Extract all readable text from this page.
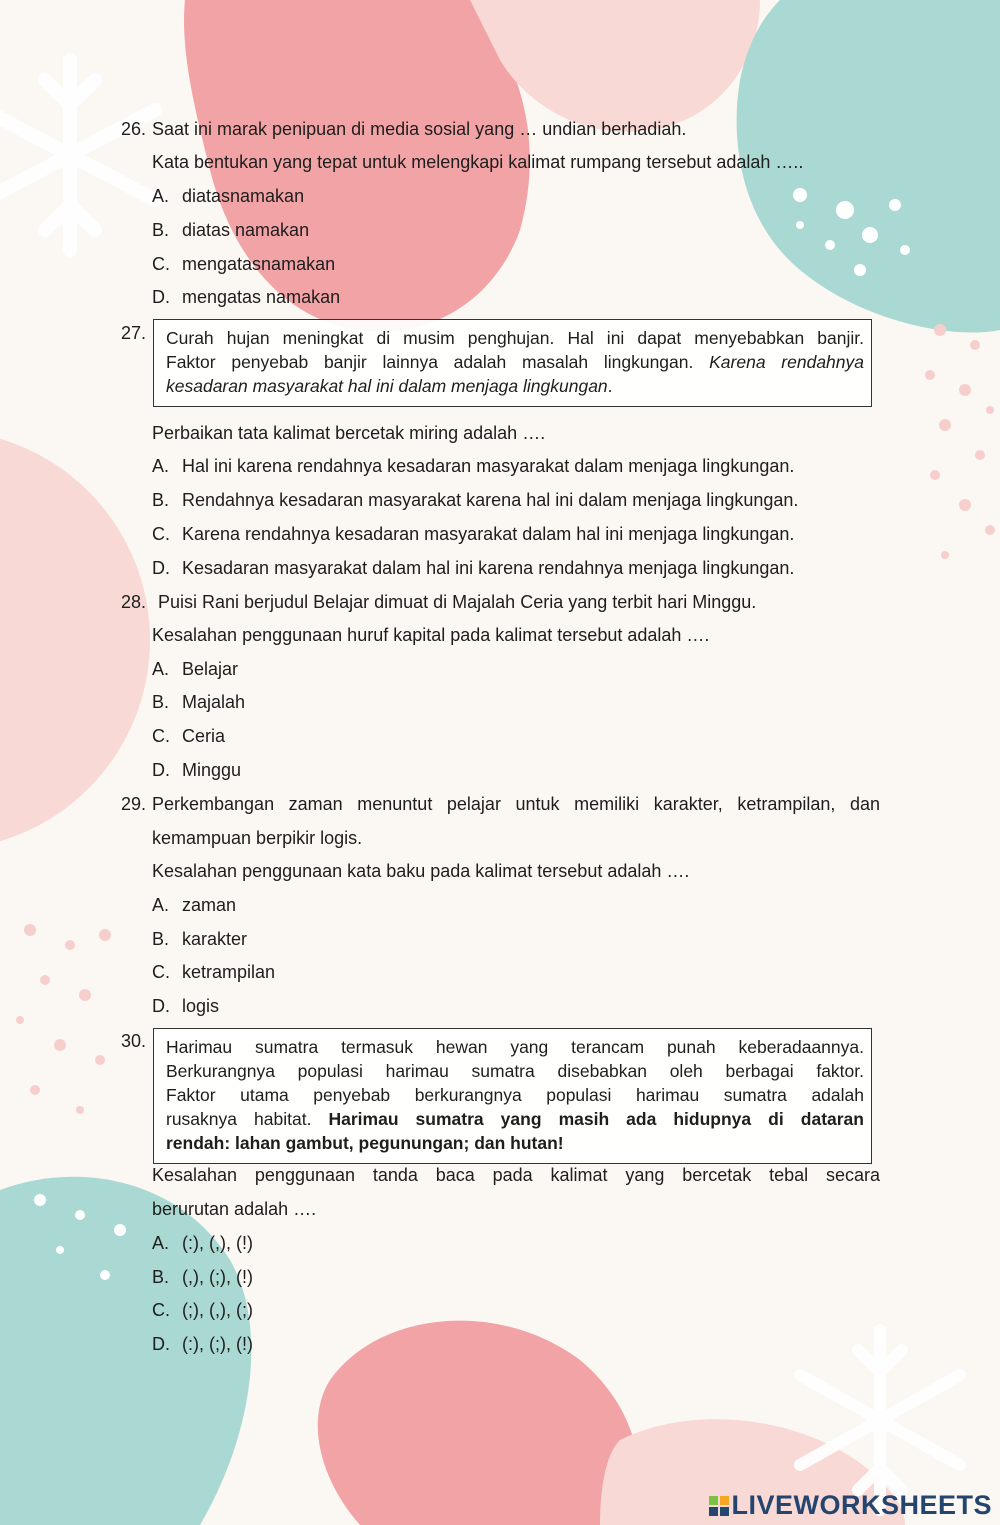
26. Saat ini marak penipuan di media sosial yang … undian berhadiah.
Kata bentukan yang tepat untuk melengkapi kalimat rumpang tersebut adalah …..
A. diatasnamakan
B. diatas namakan
C. mengatasnamakan
D. mengatas namakan
27. Curah hujan meningkat di musim penghujan. Hal ini dapat menyebabkan banjir.

Faktor penyebab banjir lainnya adalah masalah lingkungan. Karena rendahnya

kesadaran masyarakat hal ini dalam menjaga lingkungan.

Perbaikan tata kalimat bercetak miring adalah ….
A. Hal ini karena rendahnya kesadaran masyarakat dalam menjaga lingkungan.
B. Rendahnya kesadaran masyarakat karena hal ini dalam menjaga lingkungan.
C. Karena rendahnya kesadaran masyarakat dalam hal ini menjaga lingkungan.
D. Kesadaran masyarakat dalam hal ini karena rendahnya menjaga lingkungan.
28. Puisi Rani berjudul Belajar dimuat di Majalah Ceria yang terbit hari Minggu.
Kesalahan penggunaan huruf kapital pada kalimat tersebut adalah ….
A. Belajar
B. Majalah
C. Ceria
D. Minggu
29. Perkembangan zaman menuntut pelajar untuk memiliki karakter, ketrampilan, dan
kemampuan berpikir logis.
Kesalahan penggunaan kata baku pada kalimat tersebut adalah ….
A. zaman
B. karakter
C. ketrampilan
D. logis
30. Harimau sumatra termasuk hewan yang terancam punah keberadaannya.

Berkurangnya populasi harimau sumatra disebabkan oleh berbagai faktor.

Faktor utama penyebab berkurangnya populasi harimau sumatra adalah

rusaknya habitat. Harimau sumatra yang masih ada hidupnya di dataran

rendah: lahan gambut, pegunungan; dan hutan!

Kesalahan penggunaan tanda baca pada kalimat yang bercetak tebal secara
berurutan adalah ….
A. (:), (,), (!)
B. (,), (;), (!)
C. (;), (,), (;)
D. (:), (;), (!)
LIVEWORKSHEETS
